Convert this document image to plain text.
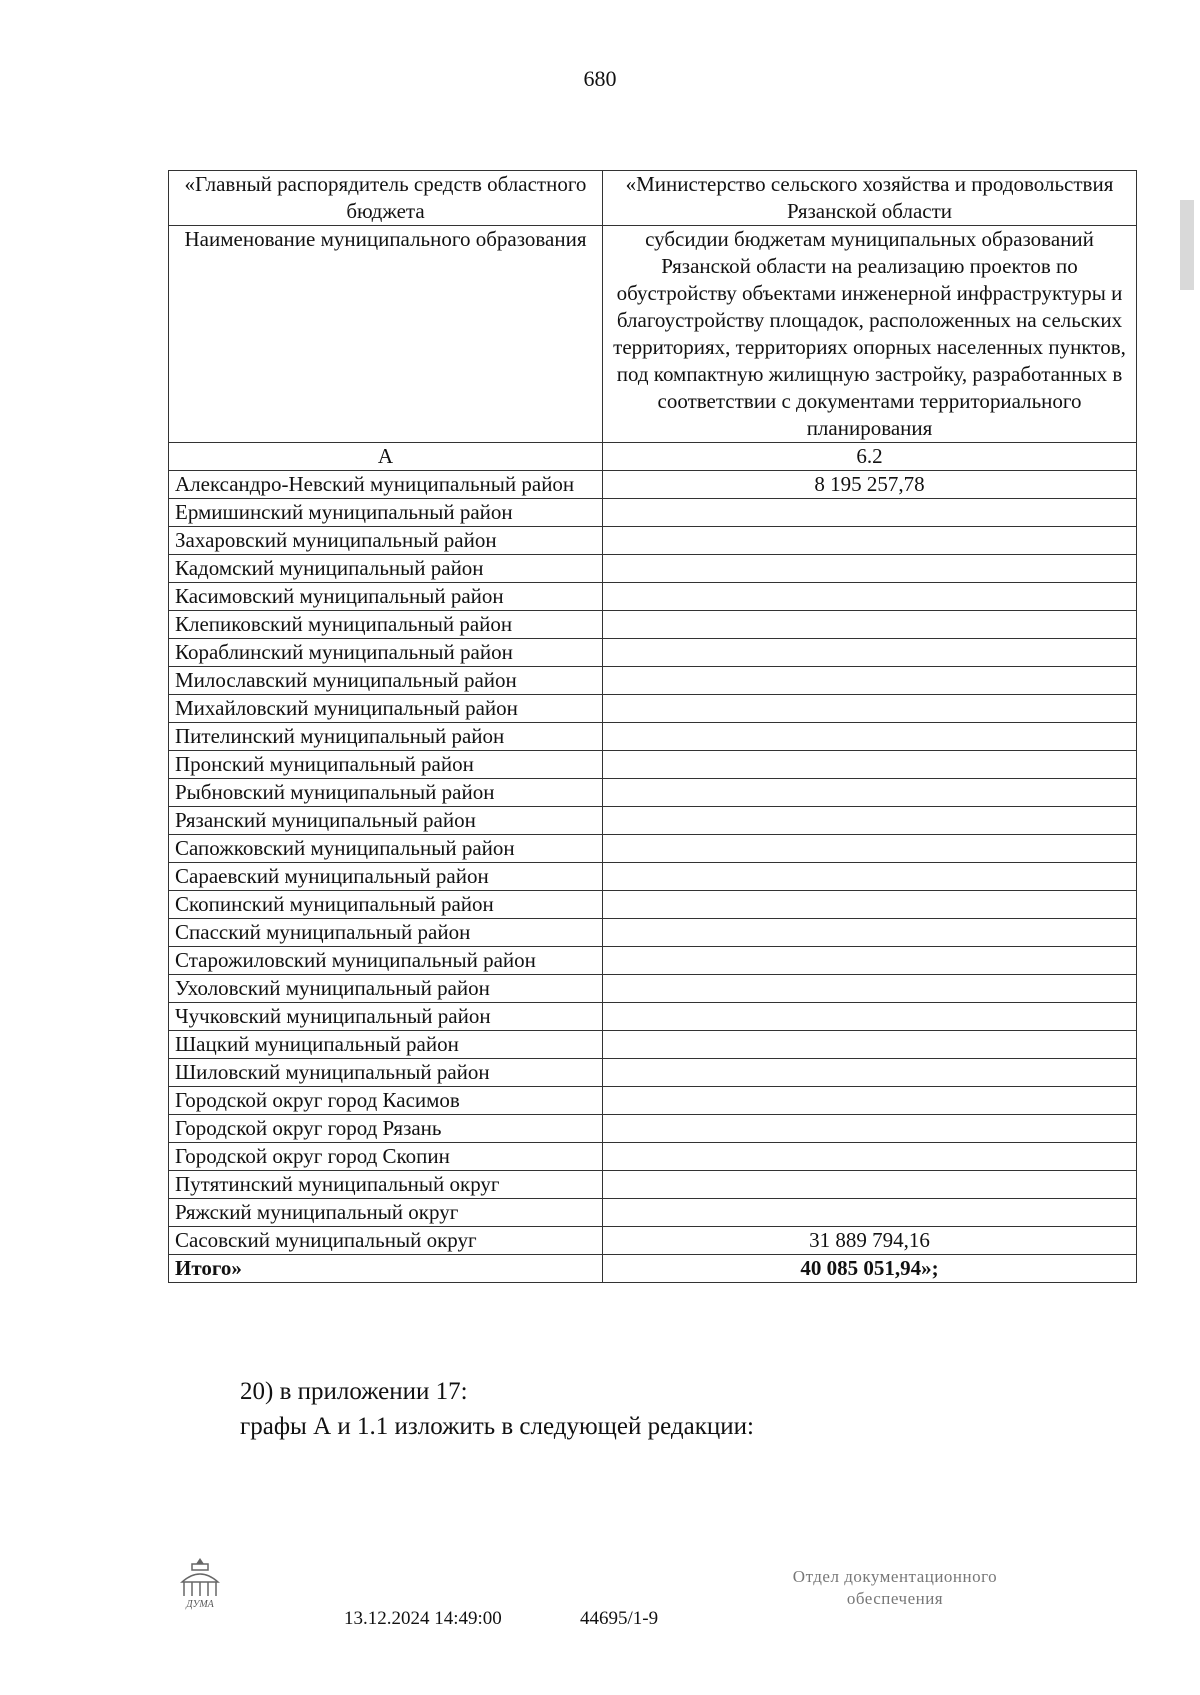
680
«Главный распорядитель средств областного бюджета	«Министерство сельского хозяйства и продовольствия Рязанской области
Наименование муниципального образования	субсидии бюджетам муниципальных образований Рязанской области на реализацию проектов по обустройству объектами инженерной инфраструктуры и благоустройству площадок, расположенных на сельских территориях, территориях опорных населенных пунктов, под компактную жилищную застройку, разработанных в соответствии с документами территориального планирования
А	6.2
Александро-Невский муниципальный район	8 195 257,78
Ермишинский муниципальный район	
Захаровский муниципальный район	
Кадомский муниципальный район	
Касимовский муниципальный район	
Клепиковский муниципальный район	
Кораблинский муниципальный район	
Милославский муниципальный район	
Михайловский муниципальный район	
Пителинский муниципальный район	
Пронский муниципальный район	
Рыбновский муниципальный район	
Рязанский муниципальный район	
Сапожковский муниципальный район	
Сараевский муниципальный район	
Скопинский муниципальный район	
Спасский муниципальный район	
Старожиловский муниципальный район	
Ухоловский муниципальный район	
Чучковский муниципальный район	
Шацкий муниципальный район	
Шиловский муниципальный район	
Городской округ город Касимов	
Городской округ город Рязань	
Городской округ город Скопин	
Путятинский муниципальный округ	
Ряжский муниципальный округ	
Сасовский муниципальный округ	31 889 794,16
Итого»	40 085 051,94»;
20) в приложении 17:
графы А и 1.1 изложить в следующей редакции:
ДУМА
13.12.2024 14:49:00	44695/1-9
Отдел документационного обеспечения
